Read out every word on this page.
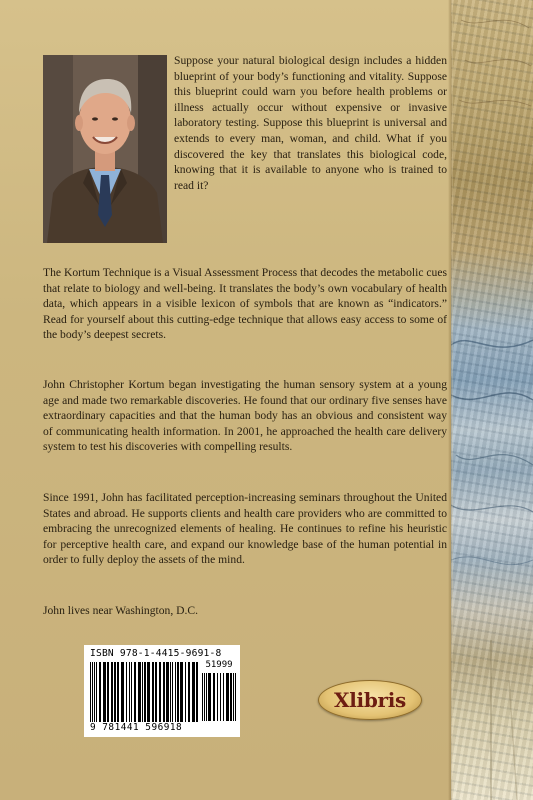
Suppose your natural biological design includes a hidden blueprint of your body’s functioning and vitality. Suppose this blueprint could warn you before health problems or illness actually occur without expensive or invasive laboratory testing. Suppose this blueprint is universal and extends to every man, woman, and child. What if you discovered the key that translates this biological code, knowing that it is available to anyone who is trained to read it?

The Kortum Technique is a Visual Assessment Process that decodes the metabolic cues that relate to biology and well-being. It translates the body’s own vocabulary of health data, which appears in a visible lexicon of symbols that are known as “indicators.” Read for yourself about this cutting-edge technique that allows easy access to some of the body’s deepest secrets.

John Christopher Kortum began investigating the human sensory system at a young age and made two remarkable discoveries. He found that our ordinary five senses have extraordinary capacities and that the human body has an obvious and consistent way of communicating health information. In 2001, he approached the health care delivery system to test his discoveries with compelling results.

Since 1991, John has facilitated perception-increasing seminars throughout the United States and abroad. He supports clients and health care providers who are committed to embracing the unrecognized elements of healing. He continues to refine his heuristic for perceptive health care, and expand our knowledge base of the human potential in order to fully deploy the assets of the mind.

John lives near Washington, D.C.

ISBN 978-1-4415-9691-8
51999
9 781441 596918
Xlibris
